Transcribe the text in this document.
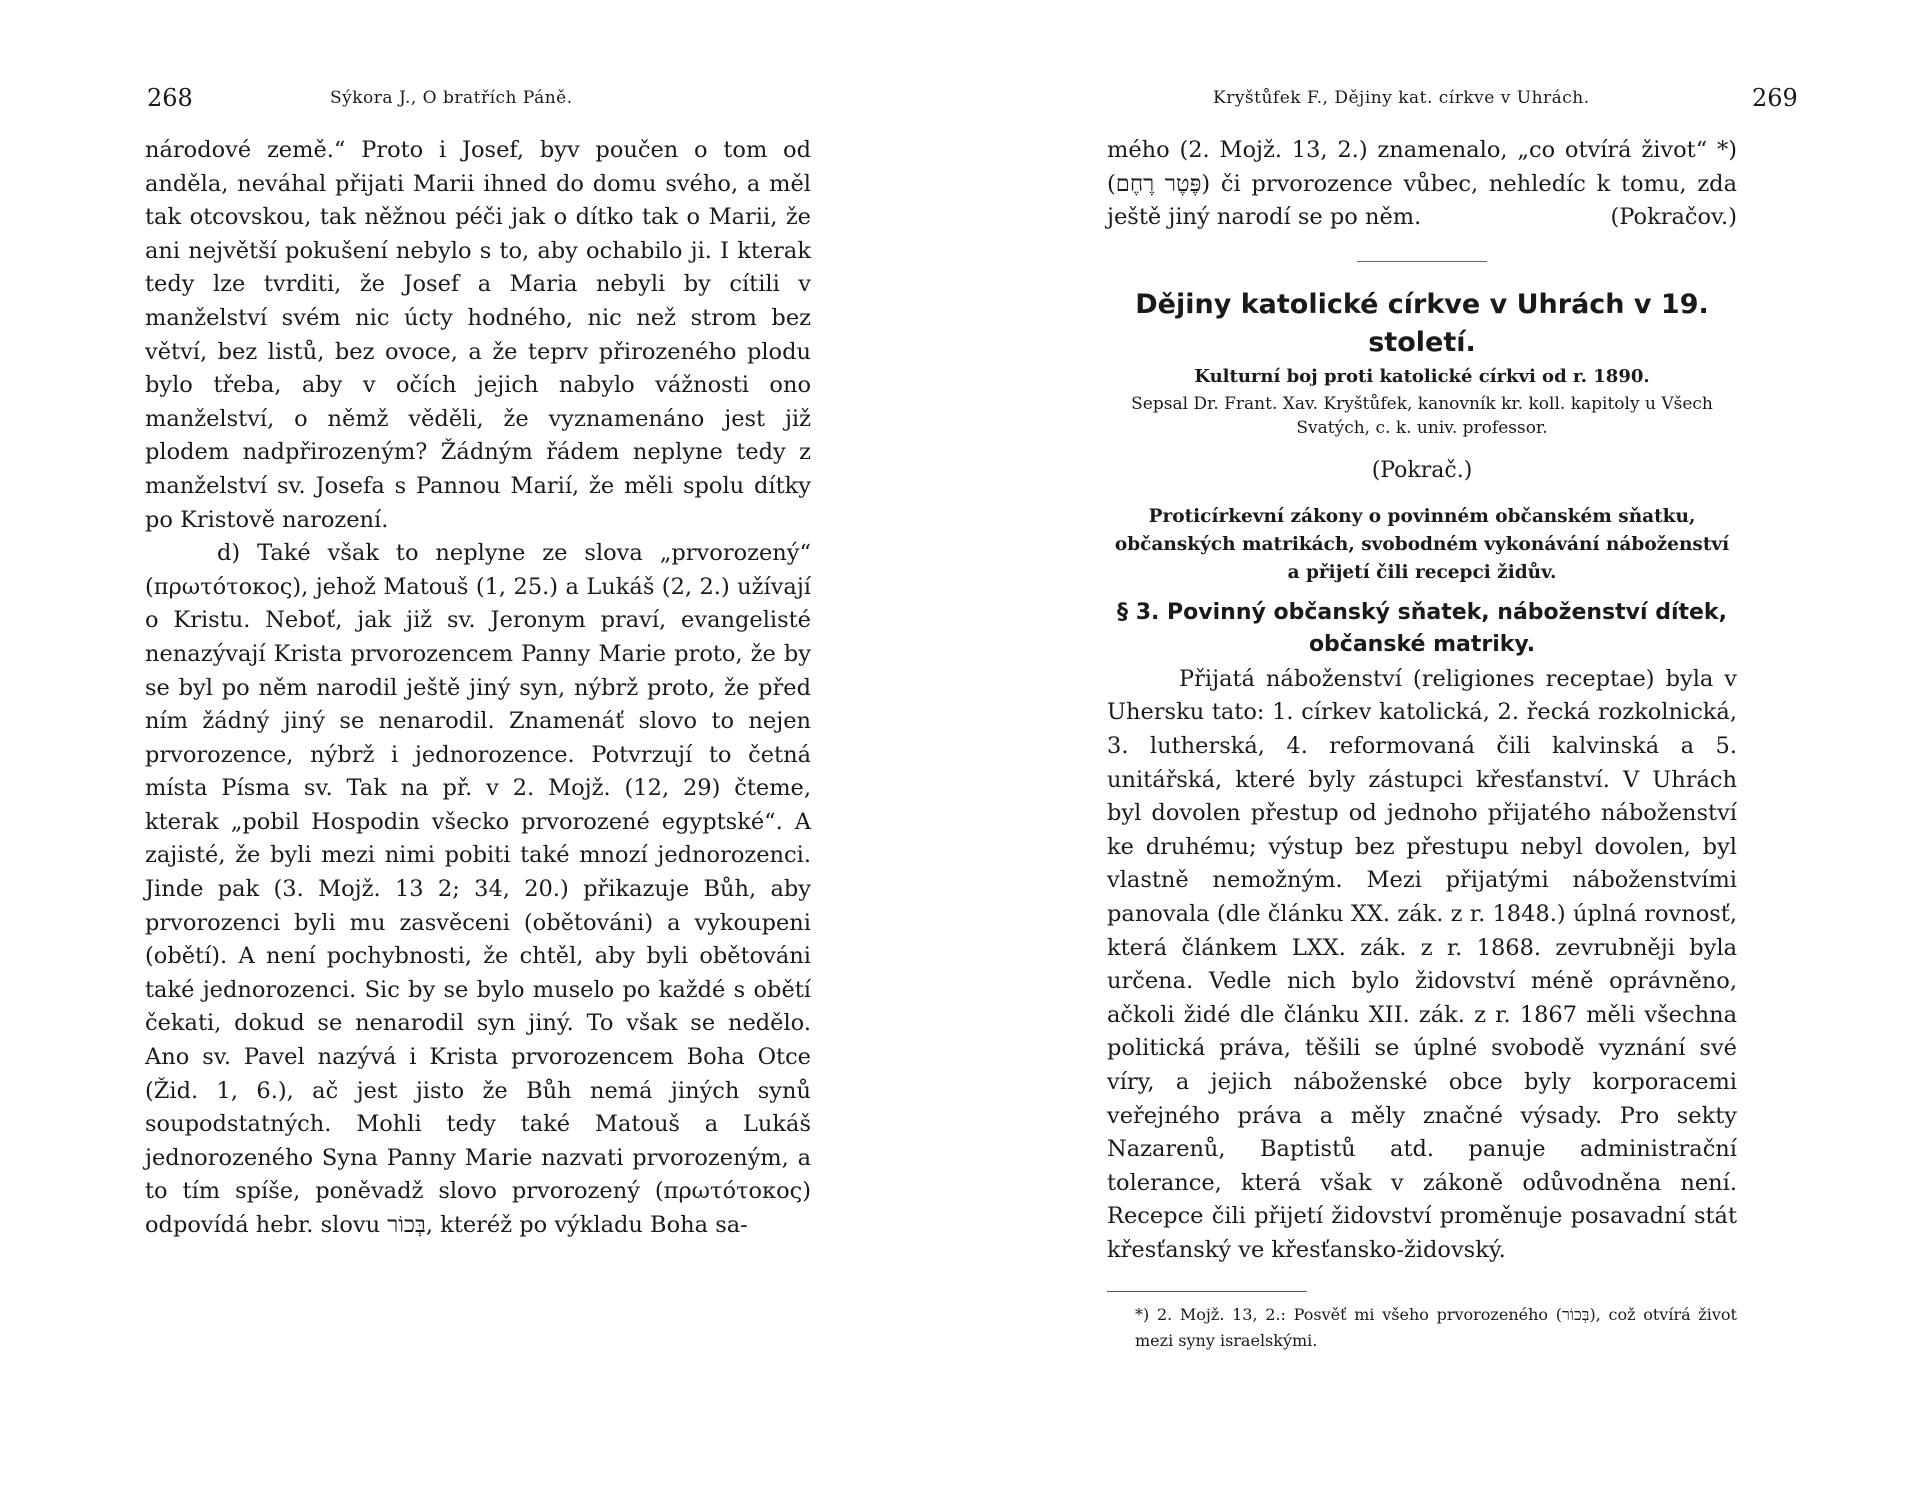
268	Sýkora J., O bratřích Páně.

národové země.“ Proto i Josef, byv poučen o tom od anděla, neváhal přijati Marii ihned do domu svého, a měl tak otcovskou, tak něžnou péči jak o dítko tak o Marii, že ani největší pokušení nebylo s to, aby ochabilo ji. I kterak tedy lze tvrditi, že Josef a Maria nebyli by cítili v manželství svém nic úcty hodného, nic než strom bez větví, bez listů, bez ovoce, a že teprv přirozeného plodu bylo třeba, aby v očích jejich nabylo vážnosti ono manželství, o němž věděli, že vyznamenáno jest již plodem nadpřirozeným? Žádným řádem neplyne tedy z manželství sv. Josefa s Pannou Marií, že měli spolu dítky po Kristově narození.

d) Také však to neplyne ze slova „prvorozený“ (πρωτότοκος), jehož Matouš (1, 25.) a Lukáš (2, 2.) užívají o Kristu. Neboť, jak již sv. Jeronym praví, evangelisté nenazývají Krista prvorozencem Panny Marie proto, že by se byl po něm narodil ještě jiný syn, nýbrž proto, že před ním žádný jiný se nenarodil. Znamenáť slovo to nejen prvorozence, nýbrž i jednorozence. Potvrzují to četná místa Písma sv. Tak na př. v 2. Mojž. (12, 29) čteme, kterak „pobil Hospodin všecko prvorozené egyptské“. A zajisté, že byli mezi nimi pobiti také mnozí jednorozenci. Jinde pak (3. Mojž. 13 2; 34, 20.) přikazuje Bůh, aby prvorozenci byli mu zasvěceni (obětováni) a vykoupeni (obětí). A není pochybnosti, že chtěl, aby byli obětováni také jednorozenci. Sic by se bylo muselo po každé s obětí čekati, dokud se nenarodil syn jiný. To však se nedělo. Ano sv. Pavel nazývá i Krista prvorozencem Boha Otce (Žid. 1, 6.), ač jest jisto že Bůh nemá jiných synů soupodstatných. Mohli tedy také Matouš a Lukáš jednorozeného Syna Panny Marie nazvati prvorozeným, a to tím spíše, poněvadž slovo prvorozený (πρωτότοκος) odpovídá hebr. slovu בְּכוֹר, kteréž po výkladu Boha sa-

Kryštůfek F., Dějiny kat. církve v Uhrách.	269

mého (2. Mojž. 13, 2.) znamenalo, „co otvírá život“ *) (פֶּטֶר רֶחֶם) či prvorozence vůbec, nehledíc k tomu, zda ještě jiný narodí se po něm.	(Pokračov.)

Dějiny katolické církve v Uhrách v 19. století.
Kulturní boj proti katolické církvi od r. 1890.
Sepsal Dr. Frant. Xav. Kryštůfek, kanovník kr. koll. kapitoly u Všech Svatých, c. k. univ. professor.
(Pokrač.)
Proticírkevní zákony o povinném občanském sňatku, občanských matrikách, svobodném vykonávání náboženství a přijetí čili recepci židův.
§ 3. Povinný občanský sňatek, náboženství dítek, občanské matriky.

Přijatá náboženství (religiones receptae) byla v Uhersku tato: 1. církev katolická, 2. řecká rozkolnická, 3. lutherská, 4. reformovaná čili kalvinská a 5. unitářská, které byly zástupci křesťanství. V Uhrách byl dovolen přestup od jednoho přijatého náboženství ke druhému; výstup bez přestupu nebyl dovolen, byl vlastně nemožným. Mezi přijatými náboženstvími panovala (dle článku XX. zák. z r. 1848.) úplná rovnosť, která článkem LXX. zák. z r. 1868. zevrubněji byla určena. Vedle nich bylo židovství méně oprávněno, ačkoli židé dle článku XII. zák. z r. 1867 měli všechna politická práva, těšili se úplné svobodě vyznání své víry, a jejich náboženské obce byly korporacemi veřejného práva a měly značné výsady. Pro sekty Nazarenů, Baptistů atd. panuje administrační tolerance, která však v zákoně odůvodněna není. Recepce čili přijetí židovství proměnuje posavadní stát křesťanský ve křesťansko-židovský.

*) 2. Mojž. 13, 2.: Posvěť mi všeho prvorozeného (בְּכוֹר), což otvírá život mezi syny israelskými.
